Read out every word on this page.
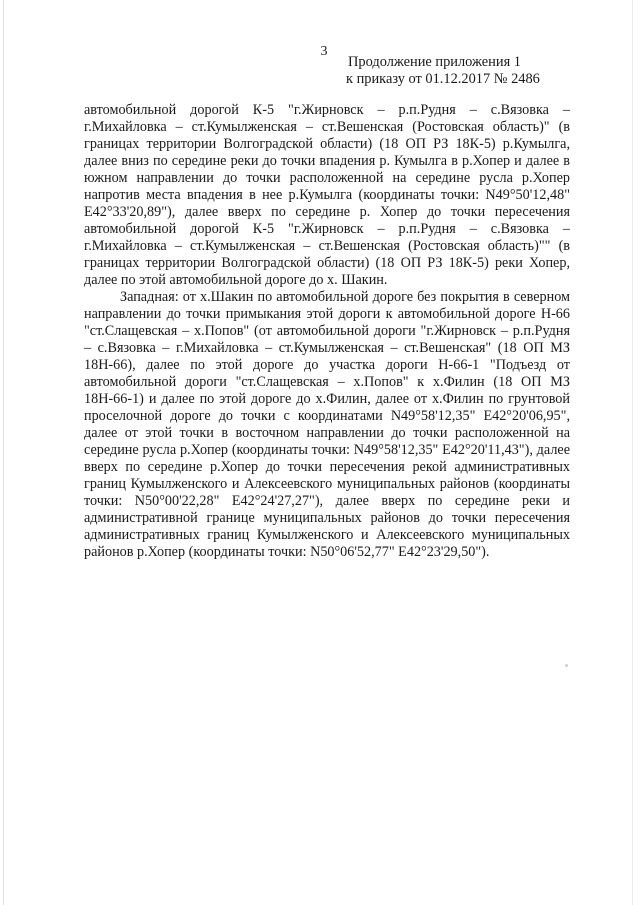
3
Продолжение приложения 1
к приказу от 01.12.2017 № 2486

автомобильной дорогой К-5 "г.Жирновск – р.п.Рудня – с.Вязовка – г.Михайловка – ст.Кумылженская – ст.Вешенская (Ростовская область)" (в границах территории Волгоградской области) (18 ОП РЗ 18К-5) р.Кумылга, далее вниз по середине реки до точки впадения р. Кумылга в р.Хопер и далее в южном направлении до точки расположенной на середине русла р.Хопер напротив места впадения в нее р.Кумылга (координаты точки: N49°50'12,48" E42°33'20,89"), далее вверх по середине р. Хопер до точки пересечения автомобильной дорогой К-5 "г.Жирновск – р.п.Рудня – с.Вязовка – г.Михайловка – ст.Кумылженская – ст.Вешенская (Ростовская область)"" (в границах территории Волгоградской области) (18 ОП РЗ 18К-5) реки Хопер, далее по этой автомобильной дороге до х. Шакин.

Западная: от х.Шакин по автомобильной дороге без покрытия в северном направлении до точки примыкания этой дороги к автомобильной дороге Н-66 "ст.Слащевская – х.Попов" (от автомобильной дороги "г.Жирновск – р.п.Рудня – с.Вязовка – г.Михайловка – ст.Кумылженская – ст.Вешенская" (18 ОП МЗ 18Н-66), далее по этой дороге до участка дороги Н-66-1 "Подъезд от автомобильной дороги "ст.Слащевская – х.Попов" к х.Филин (18 ОП МЗ 18Н-66-1) и далее по этой дороге до х.Филин, далее от х.Филин по грунтовой проселочной дороге до точки с координатами N49°58'12,35" E42°20'06,95", далее от этой точки в восточном направлении до точки расположенной на середине русла р.Хопер (координаты точки: N49°58'12,35" E42°20'11,43"), далее вверх по середине р.Хопер до точки пересечения рекой административных границ Кумылженского и Алексеевского муниципальных районов (координаты точки: N50°00'22,28" E42°24'27,27"), далее вверх по середине реки и административной границе муниципальных районов до точки пересечения административных границ Кумылженского и Алексеевского муниципальных районов р.Хопер (координаты точки: N50°06'52,77" E42°23'29,50").
